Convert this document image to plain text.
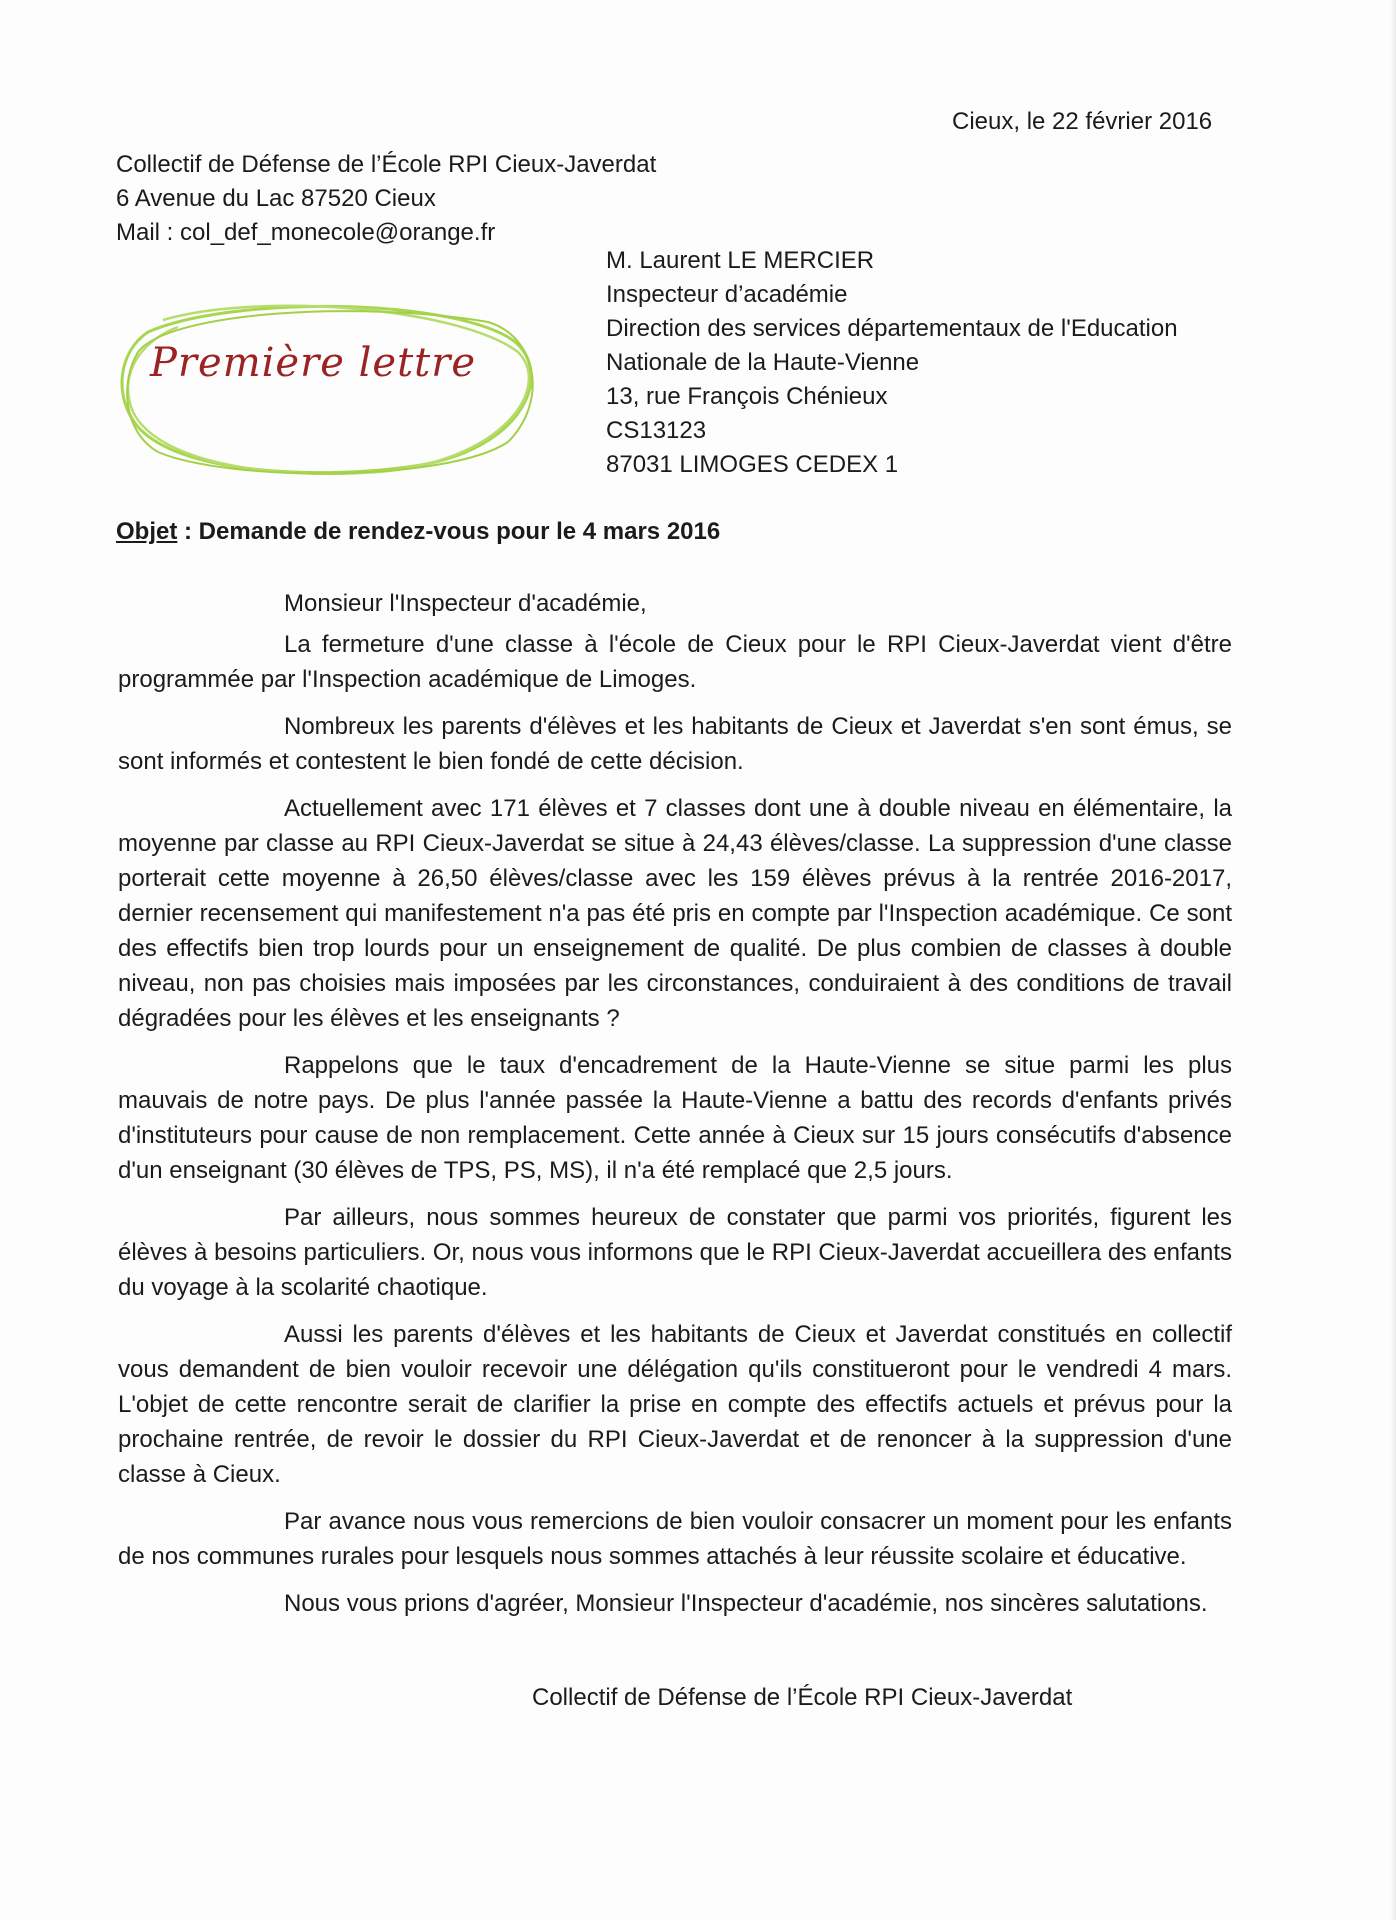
Cieux, le 22 février 2016
Collectif de Défense de l’École RPI Cieux-Javerdat
6 Avenue du Lac 87520 Cieux
Mail : col_def_monecole@orange.fr
Première lettre
M. Laurent LE MERCIER
Inspecteur d’académie
Direction des services départementaux de l'Education
Nationale de la Haute-Vienne
13, rue François Chénieux
CS13123
87031 LIMOGES CEDEX 1
Objet : Demande de rendez-vous pour le 4 mars 2016
Monsieur l'Inspecteur d'académie,

La fermeture d'une classe à l'école de Cieux pour le RPI Cieux-Javerdat vient d'être programmée par l'Inspection académique de Limoges.

Nombreux les parents d'élèves et les habitants de Cieux et Javerdat s'en sont émus, se sont informés et contestent le bien fondé de cette décision.

Actuellement avec 171 élèves et 7 classes dont une à double niveau en élémentaire, la moyenne par classe au RPI Cieux-Javerdat se situe à 24,43 élèves/classe. La suppression d'une classe porterait cette moyenne à 26,50 élèves/classe avec les 159 élèves prévus à la rentrée 2016-2017, dernier recensement qui manifestement n'a pas été pris en compte par l'Inspection académique. Ce sont des effectifs bien trop lourds pour un enseignement de qualité. De plus combien de classes à double niveau, non pas choisies mais imposées par les circonstances, conduiraient à des conditions de travail dégradées pour les élèves et les enseignants ?

Rappelons que le taux d'encadrement de la Haute-Vienne se situe parmi les plus mauvais de notre pays. De plus l'année passée la Haute-Vienne a battu des records d'enfants privés d'instituteurs pour cause de non remplacement. Cette année à Cieux sur 15 jours consécutifs d'absence d'un enseignant (30 élèves de TPS, PS, MS), il n'a été remplacé que 2,5 jours.

Par ailleurs, nous sommes heureux de constater que parmi vos priorités, figurent les élèves à besoins particuliers. Or, nous vous informons que le RPI Cieux-Javerdat accueillera des enfants du voyage à la scolarité chaotique.

Aussi les parents d'élèves et les habitants de Cieux et Javerdat constitués en collectif vous demandent de bien vouloir recevoir une délégation qu'ils constitueront pour le vendredi 4 mars. L'objet de cette rencontre serait de clarifier la prise en compte des effectifs actuels et prévus pour la prochaine rentrée, de revoir le dossier du RPI Cieux-Javerdat et de renoncer à la suppression d'une classe à Cieux.

Par avance nous vous remercions de bien vouloir consacrer un moment pour les enfants de nos communes rurales pour lesquels nous sommes attachés à leur réussite scolaire et éducative.

Nous vous prions d'agréer, Monsieur l'Inspecteur d'académie, nos sincères salutations.

Collectif de Défense de l’École RPI Cieux-Javerdat
